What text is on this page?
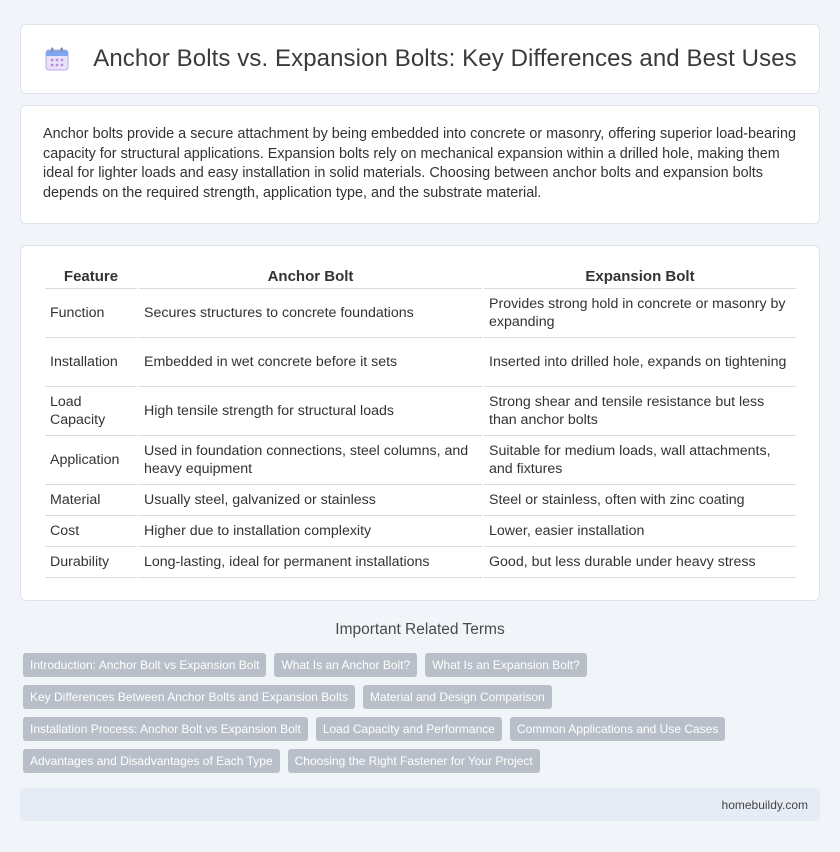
Anchor Bolts vs. Expansion Bolts: Key Differences and Best Uses

Anchor bolts provide a secure attachment by being embedded into concrete or masonry, offering superior load-bearing capacity for structural applications. Expansion bolts rely on mechanical expansion within a drilled hole, making them ideal for lighter loads and easy installation in solid materials. Choosing between anchor bolts and expansion bolts depends on the required strength, application type, and the substrate material.

Feature	Anchor Bolt	Expansion Bolt
Function	Secures structures to concrete foundations	Provides strong hold in concrete or masonry by expanding
Installation	Embedded in wet concrete before it sets	Inserted into drilled hole, expands on tightening
Load Capacity	High tensile strength for structural loads	Strong shear and tensile resistance but less than anchor bolts
Application	Used in foundation connections, steel columns, and heavy equipment	Suitable for medium loads, wall attachments, and fixtures
Material	Usually steel, galvanized or stainless	Steel or stainless, often with zinc coating
Cost	Higher due to installation complexity	Lower, easier installation
Durability	Long-lasting, ideal for permanent installations	Good, but less durable under heavy stress
Important Related Terms
Introduction: Anchor Bolt vs Expansion Bolt	What Is an Anchor Bolt?	What Is an Expansion Bolt?
Key Differences Between Anchor Bolts and Expansion Bolts	Material and Design Comparison
Installation Process: Anchor Bolt vs Expansion Bolt	Load Capacity and Performance	Common Applications and Use Cases
Advantages and Disadvantages of Each Type	Choosing the Right Fastener for Your Project
homebuildy.com
